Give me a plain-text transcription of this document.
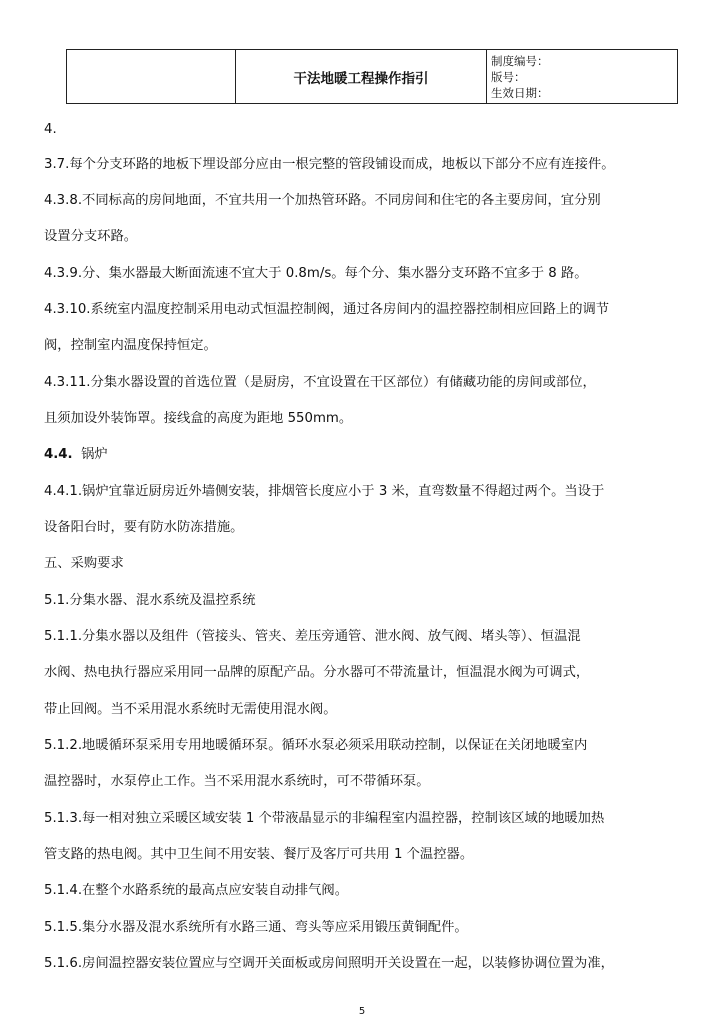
	干法地暖工程操作指引	
制度编号：
版号：
生效日期：
4.
3.7.每个分支环路的地板下埋设部分应由一根完整的管段铺设而成，地板以下部分不应有连接件。
4.3.8.不同标高的房间地面，不宜共用一个加热管环路。不同房间和住宅的各主要房间，宜分别
设置分支环路。
4.3.9.分、集水器最大断面流速不宜大于 0.8m/s。每个分、集水器分支环路不宜多于 8 路。
4.3.10.系统室内温度控制采用电动式恒温控制阀，通过各房间内的温控器控制相应回路上的调节
阀，控制室内温度保持恒定。
4.3.11.分集水器设置的首选位置（是厨房，不宜设置在干区部位）有储藏功能的房间或部位，
且须加设外装饰罩。接线盒的高度为距地 550mm。
4.4. 锅炉
4.4.1.锅炉宜靠近厨房近外墙侧安装，排烟管长度应小于 3 米，直弯数量不得超过两个。当设于
设备阳台时，要有防水防冻措施。
五、采购要求
5.1.分集水器、混水系统及温控系统
5.1.1.分集水器以及组件（管接头、管夹、差压旁通管、泄水阀、放气阀、堵头等）、恒温混
水阀、热电执行器应采用同一品牌的原配产品。分水器可不带流量计，恒温混水阀为可调式，
带止回阀。当不采用混水系统时无需使用混水阀。
5.1.2.地暖循环泵采用专用地暖循环泵。循环水泵必须采用联动控制，以保证在关闭地暖室内
温控器时，水泵停止工作。当不采用混水系统时，可不带循环泵。
5.1.3.每一相对独立采暖区域安装 1 个带液晶显示的非编程室内温控器，控制该区域的地暖加热
管支路的热电阀。其中卫生间不用安装、餐厅及客厅可共用 1 个温控器。
5.1.4.在整个水路系统的最高点应安装自动排气阀。
5.1.5.集分水器及混水系统所有水路三通、弯头等应采用锻压黄铜配件。
5.1.6.房间温控器安装位置应与空调开关面板或房间照明开关设置在一起，以装修协调位置为准，
5
